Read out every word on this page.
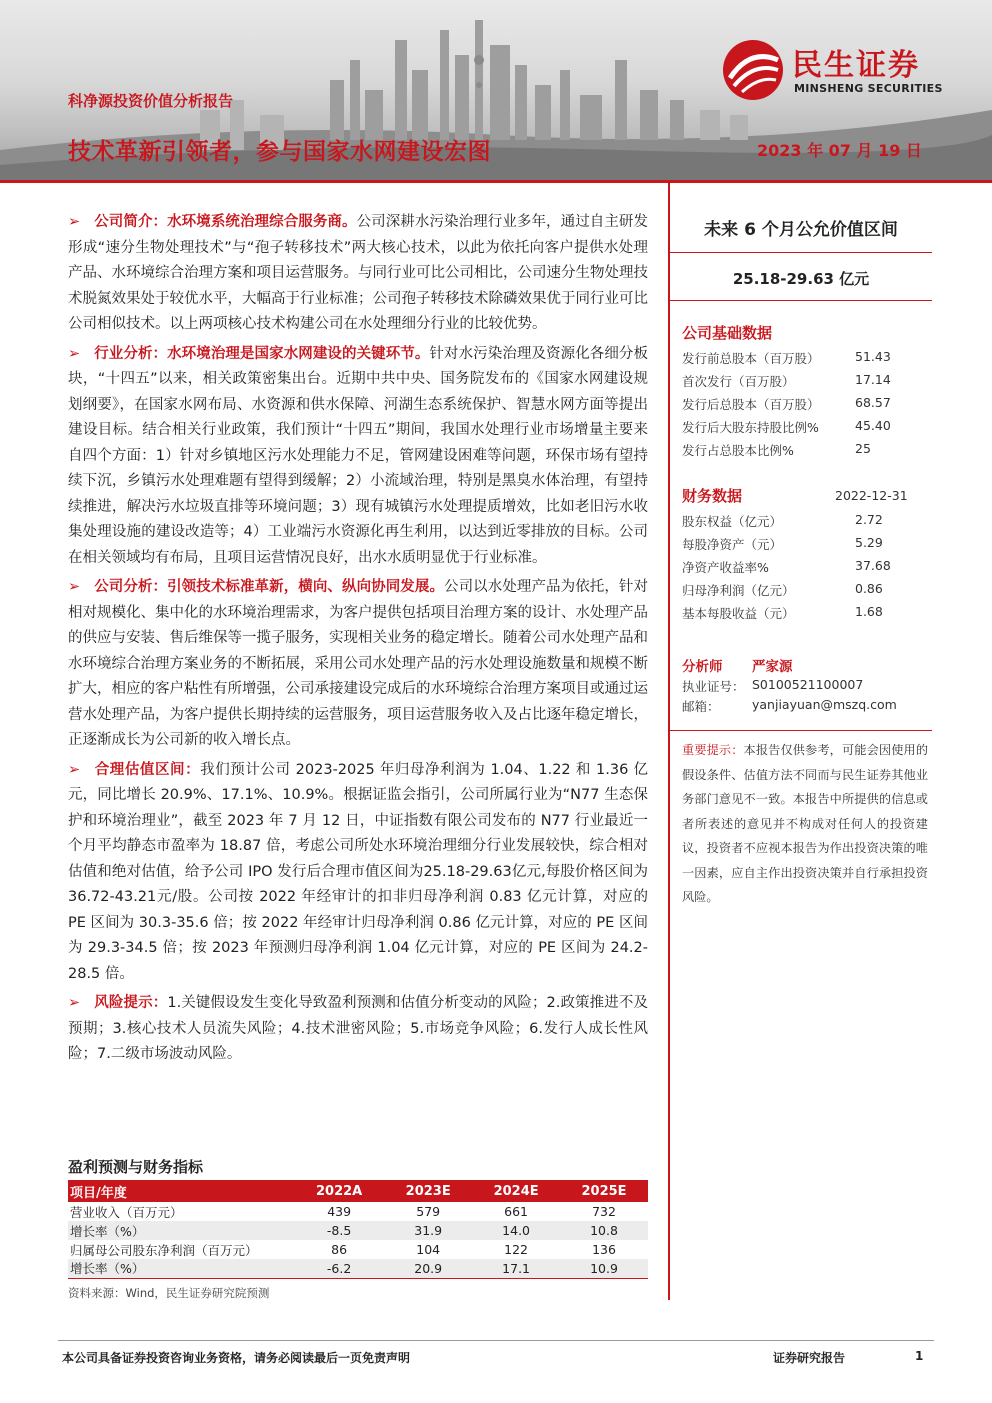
科净源投资价值分析报告
技术革新引领者，参与国家水网建设宏图	2023 年 07 月 19 日
民生证券
MINSHENG SECURITIES

➢ 公司简介：水环境系统治理综合服务商。公司深耕水污染治理行业多年，通过自主研发形成“速分生物处理技术”与“孢子转移技术”两大核心技术，以此为依托向客户提供水处理产品、水环境综合治理方案和项目运营服务。与同行业可比公司相比，公司速分生物处理技术脱氮效果处于较优水平，大幅高于行业标准；公司孢子转移技术除磷效果优于同行业可比公司相似技术。以上两项核心技术构建公司在水处理细分行业的比较优势。

➢ 行业分析：水环境治理是国家水网建设的关键环节。针对水污染治理及资源化各细分板块，“十四五”以来，相关政策密集出台。近期中共中央、国务院发布的《国家水网建设规划纲要》，在国家水网布局、水资源和供水保障、河湖生态系统保护、智慧水网方面等提出建设目标。结合相关行业政策，我们预计“十四五”期间，我国水处理行业市场增量主要来自四个方面：1）针对乡镇地区污水处理能力不足，管网建设困难等问题，环保市场有望持续下沉，乡镇污水处理难题有望得到缓解；2）小流域治理，特别是黑臭水体治理，有望持续推进，解决污水垃圾直排等环境问题；3）现有城镇污水处理提质增效，比如老旧污水收集处理设施的建设改造等；4）工业端污水资源化再生利用，以达到近零排放的目标。公司在相关领域均有布局，且项目运营情况良好，出水水质明显优于行业标准。

➢ 公司分析：引领技术标准革新，横向、纵向协同发展。公司以水处理产品为依托，针对相对规模化、集中化的水环境治理需求，为客户提供包括项目治理方案的设计、水处理产品的供应与安装、售后维保等一揽子服务，实现相关业务的稳定增长。随着公司水处理产品和水环境综合治理方案业务的不断拓展，采用公司水处理产品的污水处理设施数量和规模不断扩大，相应的客户粘性有所增强，公司承接建设完成后的水环境综合治理方案项目或通过运营水处理产品，为客户提供长期持续的运营服务，项目运营服务收入及占比逐年稳定增长，正逐渐成长为公司新的收入增长点。

➢ 合理估值区间：我们预计公司 2023-2025 年归母净利润为 1.04、1.22 和 1.36 亿元，同比增长 20.9%、17.1%、10.9%。根据证监会指引，公司所属行业为“N77 生态保护和环境治理业”，截至 2023 年 7 月 12 日，中证指数有限公司发布的 N77 行业最近一个月平均静态市盈率为 18.87 倍，考虑公司所处水环境治理细分行业发展较快，综合相对估值和绝对估值，给予公司 IPO 发行后合理市值区间为25.18-29.63亿元,每股价格区间为36.72-43.21元/股。公司按 2022 年经审计的扣非归母净利润 0.83 亿元计算，对应的 PE 区间为 30.3-35.6 倍；按 2022 年经审计归母净利润 0.86 亿元计算，对应的 PE 区间为 29.3-34.5 倍；按 2023 年预测归母净利润 1.04 亿元计算，对应的 PE 区间为 24.2-28.5 倍。

➢ 风险提示：1.关键假设发生变化导致盈利预测和估值分析变动的风险；2.政策推进不及预期；3.核心技术人员流失风险；4.技术泄密风险；5.市场竞争风险；6.发行人成长性风险；7.二级市场波动风险。

盈利预测与财务指标
项目/年度	2022A	2023E	2024E	2025E
营业收入（百万元）	439	579	661	732
增长率（%）	-8.5	31.9	14.0	10.8
归属母公司股东净利润（百万元）	86	104	122	136
增长率（%）	-6.2	20.9	17.1	10.9
资料来源：Wind，民生证券研究院预测
未来 6 个月公允价值区间
25.18-29.63 亿元
公司基础数据
发行前总股本（百万股）	51.43
首次发行（百万股）	17.14
发行后总股本（百万股）	68.57
发行后大股东持股比例%	45.40
发行占总股本比例%	25
财务数据	2022-12-31
股东权益（亿元）	2.72
每股净资产（元）	5.29
净资产收益率%	37.68
归母净利润（亿元）	0.86
基本每股收益（元）	1.68
分析师 严家源
执业证号： S0100521100007
邮箱：	yanjiayuan@mszq.com
重要提示：本报告仅供参考，可能会因使用的假设条件、估值方法不同而与民生证券其他业务部门意见不一致。本报告中所提供的信息或者所表述的意见并不构成对任何人的投资建议，投资者不应视本报告为作出投资决策的唯一因素，应自主作出投资决策并自行承担投资风险。
本公司具备证券投资咨询业务资格，请务必阅读最后一页免责声明	证券研究报告	1
